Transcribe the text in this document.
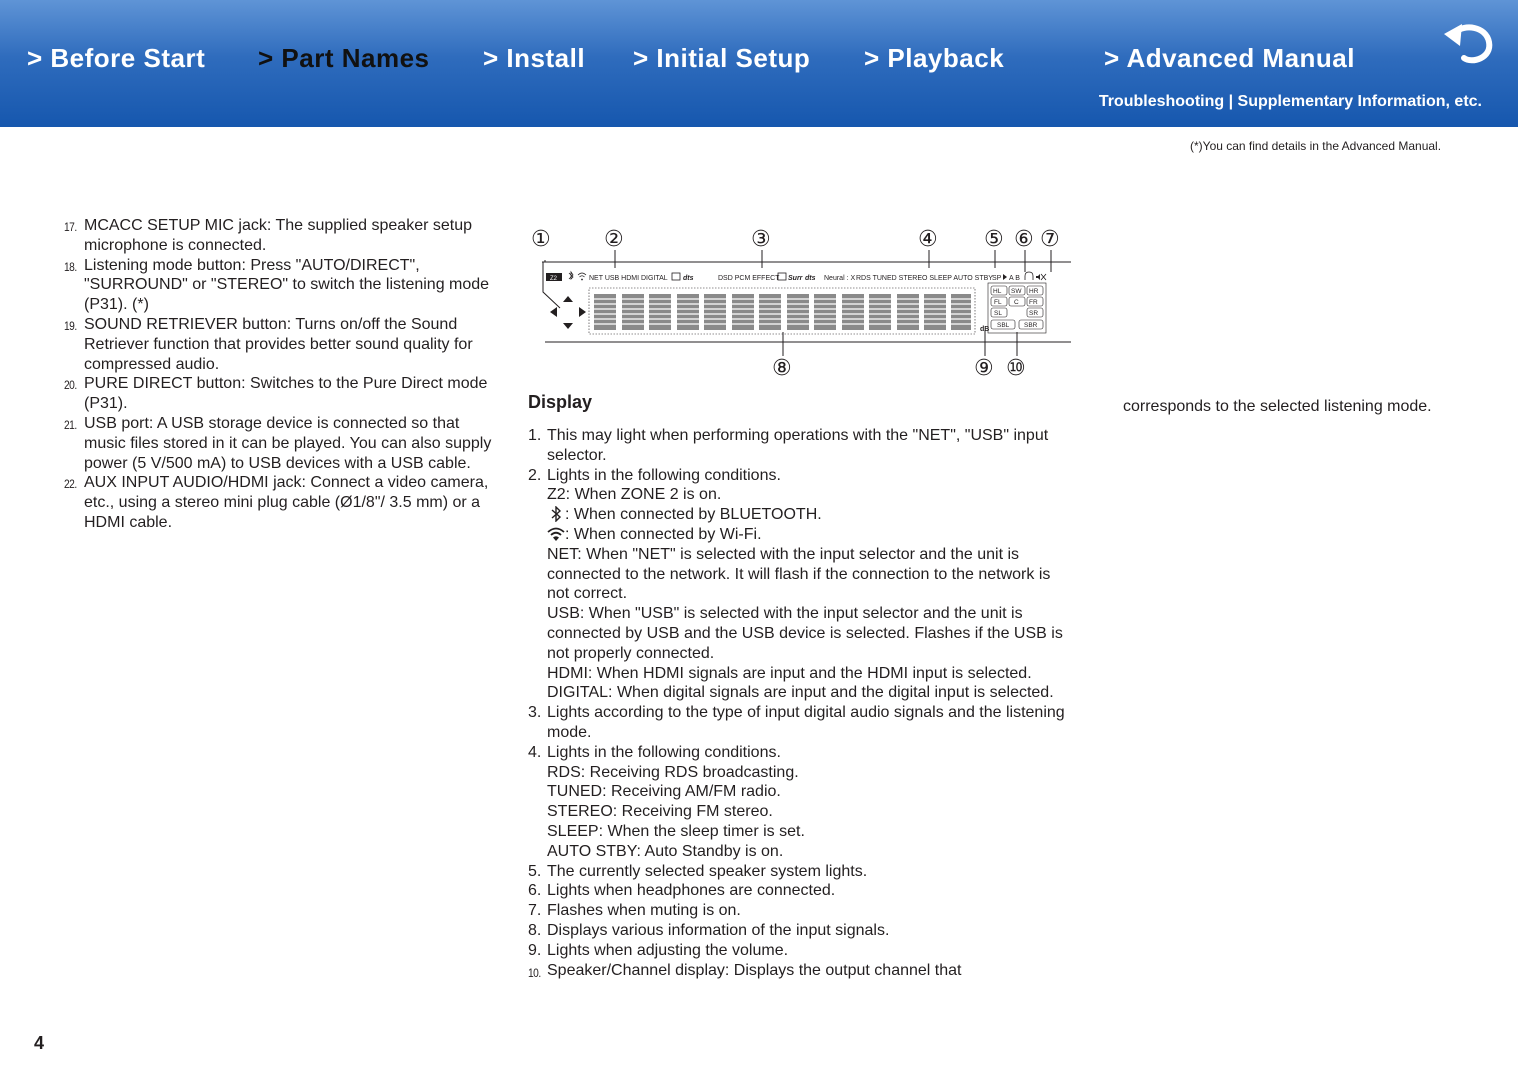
> Before Start > Part Names > Install > Initial Setup > Playback	> Advanced Manual
Troubleshooting | Supplementary Information, etc.
(*)You can find details in the Advanced Manual.
17. MCACC SETUP MIC jack: The supplied speaker setup microphone is connected.
18. Listening mode button: Press "AUTO/DIRECT", "SURROUND" or "STEREO" to switch the listening mode (P31). (*)
19. SOUND RETRIEVER button: Turns on/off the Sound Retriever function that provides better sound quality for compressed audio.
20. PURE DIRECT button: Switches to the Pure Direct mode (P31).
21. USB port: A USB storage device is connected so that music files stored in it can be played. You can also supply power (5 V/500 mA) to USB devices with a USB cable.
22. AUX INPUT AUDIO/HDMI jack: Connect a video camera, etc., using a stereo mini plug cable (Ø1/8"/ 3.5 mm) or a HDMI cable.
① ②	③	④ ⑤ ⑥ ⑦
⑧	⑨ ⑩
Z2	NET USB HDMI DIGITAL dts	DSD PCM EFFECT Surr dts Neural : X RDS TUNED STEREO SLEEP AUTO STBY SP A B
dB
HL SW HR
FL C FR
SL	SR
SBL SBR
Display
1. This may light when performing operations with the "NET", "USB" input selector.
2. Lights in the following conditions.
Z2: When ZONE 2 is on.
: When connected by BLUETOOTH.
: When connected by Wi-Fi.
NET: When "NET" is selected with the input selector and the unit is connected to the network. It will flash if the connection to the network is not correct.
USB: When "USB" is selected with the input selector and the unit is connected by USB and the USB device is selected. Flashes if the USB is not properly connected.
HDMI: When HDMI signals are input and the HDMI input is selected.
DIGITAL: When digital signals are input and the digital input is selected.
3. Lights according to the type of input digital audio signals and the listening mode.
4. Lights in the following conditions.
RDS: Receiving RDS broadcasting.
TUNED: Receiving AM/FM radio.
STEREO: Receiving FM stereo.
SLEEP: When the sleep timer is set.
AUTO STBY: Auto Standby is on.
5. The currently selected speaker system lights.
6. Lights when headphones are connected.
7. Flashes when muting is on.
8. Displays various information of the input signals.
9. Lights when adjusting the volume.
10. Speaker/Channel display: Displays the output channel that
corresponds to the selected listening mode.
4
